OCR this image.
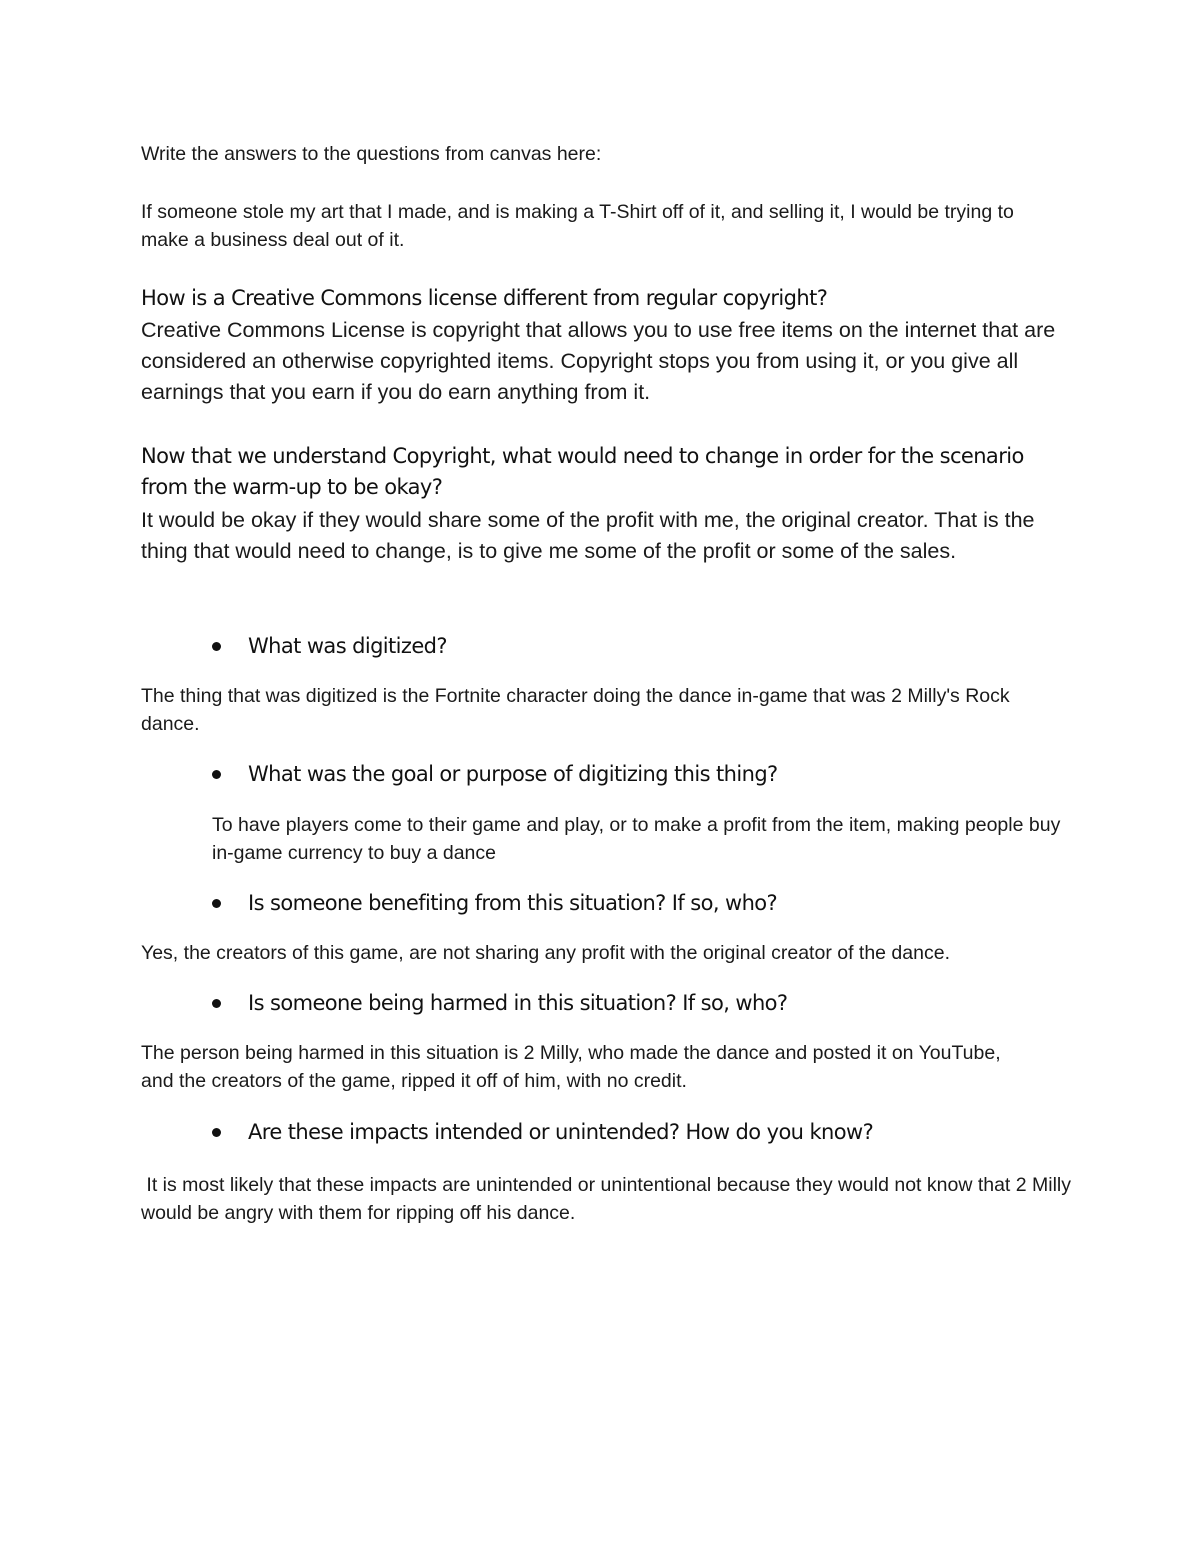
Write the answers to the questions from canvas here:

If someone stole my art that I made, and is making a T-Shirt off of it, and selling it, I would be trying to make a business deal out of it.

How is a Creative Commons license different from regular copyright?

Creative Commons License is copyright that allows you to use free items on the internet that are considered an otherwise copyrighted items. Copyright stops you from using it, or you give all earnings that you earn if you do earn anything from it.

Now that we understand Copyright, what would need to change in order for the scenario from the warm-up to be okay?

It would be okay if they would share some of the profit with me, the original creator. That is the thing that would need to change, is to give me some of the profit or some of the sales.

What was digitized?

The thing that was digitized is the Fortnite character doing the dance in-game that was 2 Milly's Rock dance.

What was the goal or purpose of digitizing this thing?

To have players come to their game and play, or to make a profit from the item, making people buy in-game currency to buy a dance

Is someone benefiting from this situation? If so, who?

Yes, the creators of this game, are not sharing any profit with the original creator of the dance.

Is someone being harmed in this situation? If so, who?

The person being harmed in this situation is 2 Milly, who made the dance and posted it on YouTube, and the creators of the game, ripped it off of him, with no credit.

Are these impacts intended or unintended? How do you know?

It is most likely that these impacts are unintended or unintentional because they would not know that 2 Milly would be angry with them for ripping off his dance.
